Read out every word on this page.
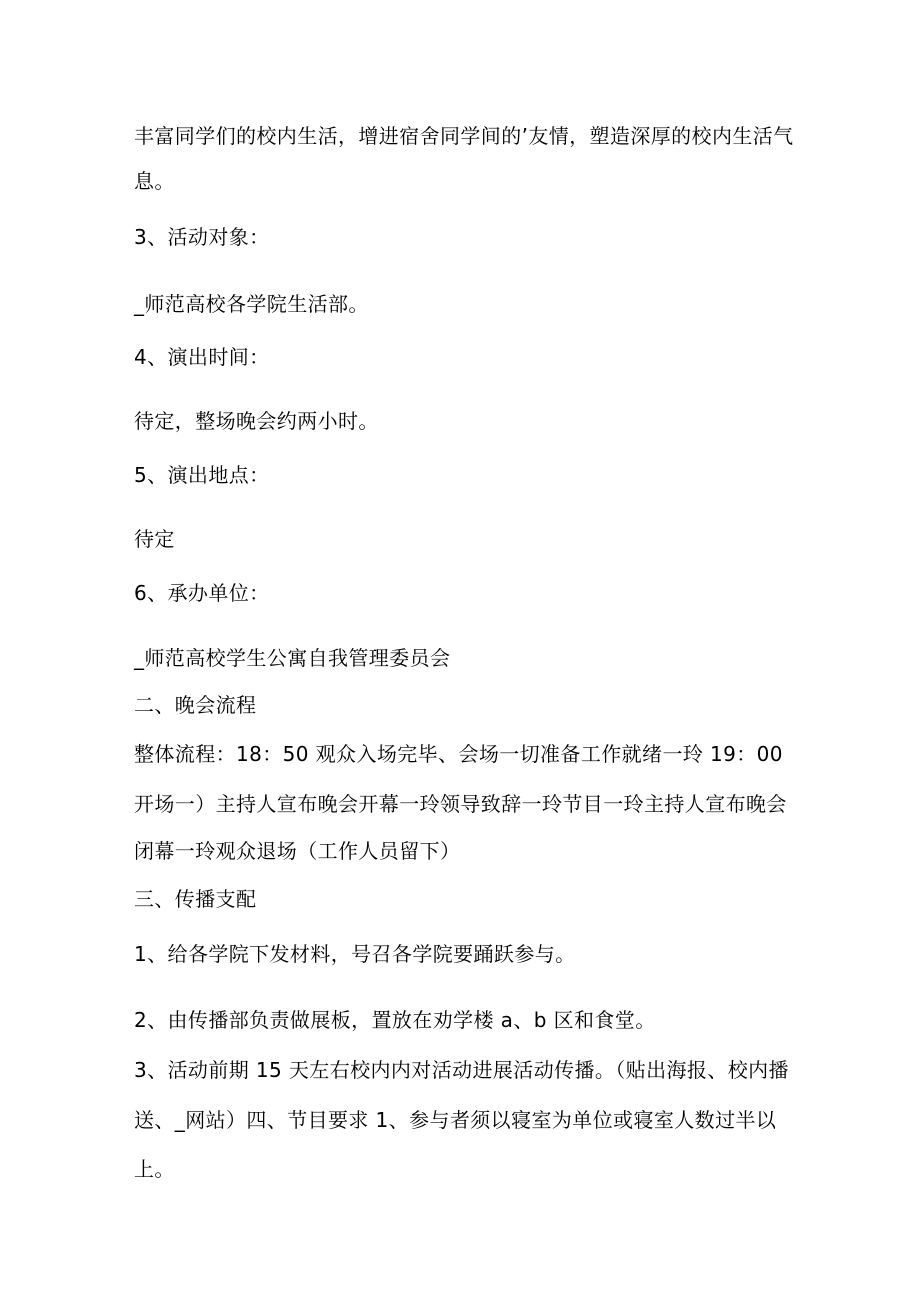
丰富同学们的校内生活，增进宿舍同学间的’友情，塑造深厚的校内生活气
息。
3、活动对象：
_师范高校各学院生活部。
4、演出时间：
待定，整场晚会约两小时。
5、演出地点：
待定
6、承办单位：
_师范高校学生公寓自我管理委员会
二、晚会流程
整体流程：18：50 观众入场完毕、会场一切准备工作就绪一玲 19：00
开场一）主持人宣布晚会开幕一玲领导致辞一玲节目一玲主持人宣布晚会
闭幕一玲观众退场（工作人员留下）
三、传播支配
1、给各学院下发材料，号召各学院要踊跃参与。
2、由传播部负责做展板，置放在劝学楼 a、b 区和食堂。
3、活动前期 15 天左右校内内对活动进展活动传播。（贴出海报、校内播
送、_网站）四、节目要求 1、参与者须以寝室为单位或寝室人数过半以
上。
